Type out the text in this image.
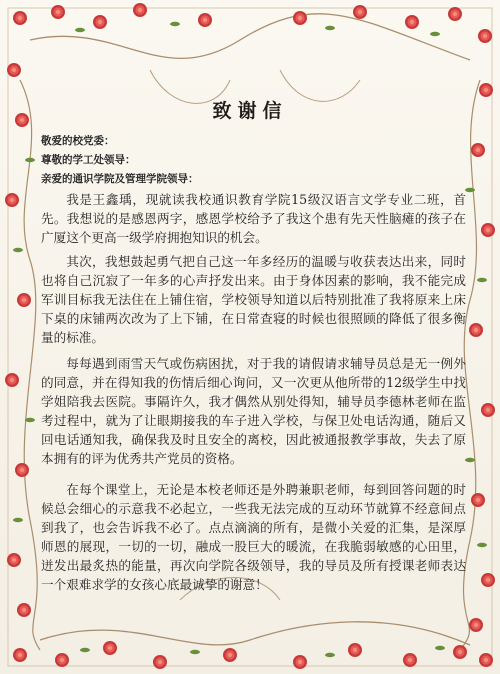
致谢信
敬爱的校党委：
尊敬的学工处领导：
亲爱的通识学院及管理学院领导：
我是王鑫瑀，现就读我校通识教育学院15级汉语言文学专业二班，首先。我想说的是感恩两字，感恩学校给予了我这个患有先天性脑瘫的孩子在广厦这个更高一级学府拥抱知识的机会。
其次，我想鼓起勇气把自己这一年多经历的温暖与收获表达出来，同时也将自己沉寂了一年多的心声抒发出来。由于身体因素的影响，我不能完成军训目标我无法住在上铺住宿，学校领导知道以后特别批准了我将原来上床下桌的床铺两次改为了上下铺，在日常查寝的时候也很照顾的降低了很多衡量的标准。
每每遇到雨雪天气或伤病困扰，对于我的请假请求辅导员总是无一例外的同意，并在得知我的伤情后细心询问，又一次更从他所带的12级学生中找学姐陪我去医院。事隔许久，我才偶然从别处得知，辅导员李德林老师在监考过程中，就为了让眼期接我的车子进入学校，与保卫处电话沟通，随后又回电话通知我，确保我及时且安全的离校，因此被通报教学事故，失去了原本拥有的评为优秀共产党员的资格。
在每个课堂上，无论是本校老师还是外聘兼职老师，每到回答问题的时候总会细心的示意我不必起立，一些我无法完成的互动环节就算不经意间点到我了，也会告诉我不必了。点点滴滴的所有，是微小关爱的汇集，是深厚师恩的展现，一切的一切，融成一股巨大的暖流，在我脆弱敏感的心田里，迸发出最炙热的能量，再次向学院各级领导，我的导员及所有授课老师表达一个艰难求学的女孩心底最诚挚的谢意！
